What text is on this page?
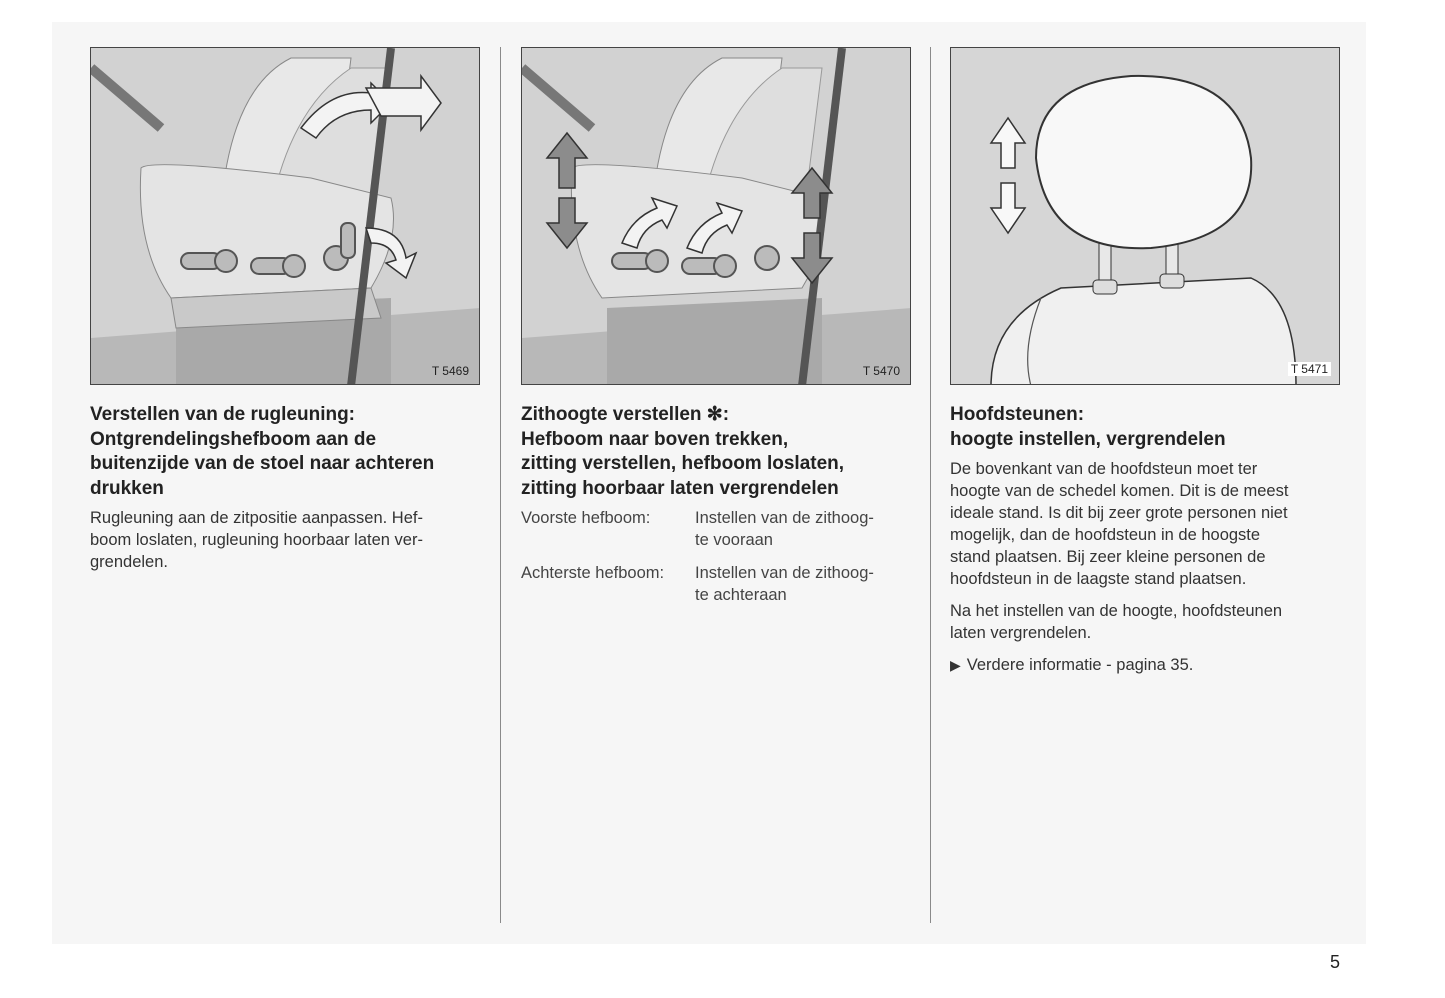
T 5469
Verstellen van de rugleuning:
Ontgrendelingshefboom aan de
buitenzijde van de stoel naar achteren
drukken

Rugleuning aan de zitpositie aanpassen. Hef-
boom loslaten, rugleuning hoorbaar laten ver-
grendelen.

T 5470
Zithoogte verstellen ✻:
Hefboom naar boven trekken,
zitting verstellen, hefboom loslaten,
zitting hoorbaar laten vergrendelen
Voorste hefboom:	Instellen van de zithoog-
te vooraan
Achterste hefboom:	Instellen van de zithoog-
te achteraan
T 5471
Hoofdsteunen:
hoogte instellen, vergrendelen

De bovenkant van de hoofdsteun moet ter
hoogte van de schedel komen. Dit is de meest
ideale stand. Is dit bij zeer grote personen niet
mogelijk, dan de hoofdsteun in de hoogste
stand plaatsen. Bij zeer kleine personen de
hoofdsteun in de laagste stand plaatsen.

Na het instellen van de hoogte, hoofdsteunen
laten vergrendelen.

▶ Verdere informatie - pagina 35.

5
